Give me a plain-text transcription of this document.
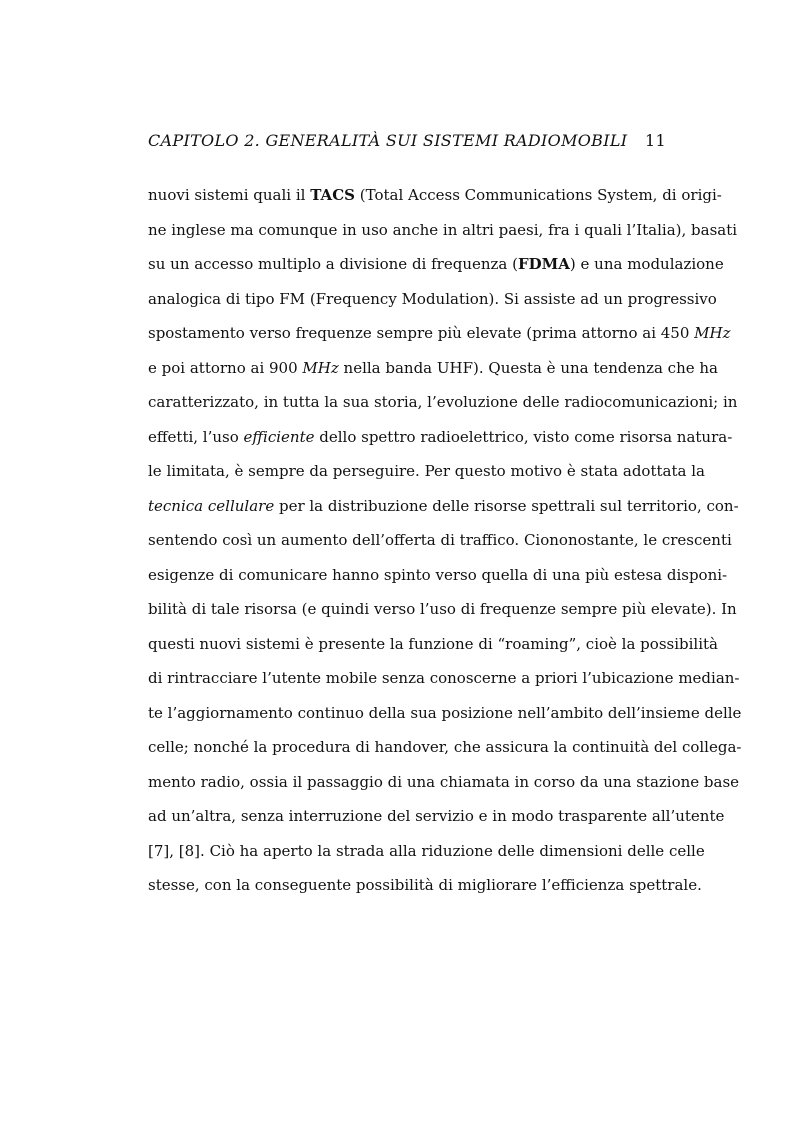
CAPITOLO 2. GENERALITÀ SUI SISTEMI RADIOMOBILI 11
nuovi sistemi quali il TACS (Total Access Communications System, di origi-
ne inglese ma comunque in uso anche in altri paesi, fra i quali l’Italia), basati
su un accesso multiplo a divisione di frequenza (FDMA) e una modulazione
analogica di tipo FM (Frequency Modulation). Si assiste ad un progressivo
spostamento verso frequenze sempre più elevate (prima attorno ai 450 MHz
e poi attorno ai 900 MHz nella banda UHF). Questa è una tendenza che ha
caratterizzato, in tutta la sua storia, l’evoluzione delle radiocomunicazioni; in
effetti, l’uso efficiente dello spettro radioelettrico, visto come risorsa natura-
le limitata, è sempre da perseguire. Per questo motivo è stata adottata la
tecnica cellulare per la distribuzione delle risorse spettrali sul territorio, con-
sentendo così un aumento dell’offerta di traffico. Ciononostante, le crescenti
esigenze di comunicare hanno spinto verso quella di una più estesa disponi-
bilità di tale risorsa (e quindi verso l’uso di frequenze sempre più elevate). In
questi nuovi sistemi è presente la funzione di “roaming”, cioè la possibilità
di rintracciare l’utente mobile senza conoscerne a priori l’ubicazione median-
te l’aggiornamento continuo della sua posizione nell’ambito dell’insieme delle
celle; nonché la procedura di handover, che assicura la continuità del collega-
mento radio, ossia il passaggio di una chiamata in corso da una stazione base
ad un’altra, senza interruzione del servizio e in modo trasparente all’utente
[7], [8]. Ciò ha aperto la strada alla riduzione delle dimensioni delle celle
stesse, con la conseguente possibilità di migliorare l’efficienza spettrale.
